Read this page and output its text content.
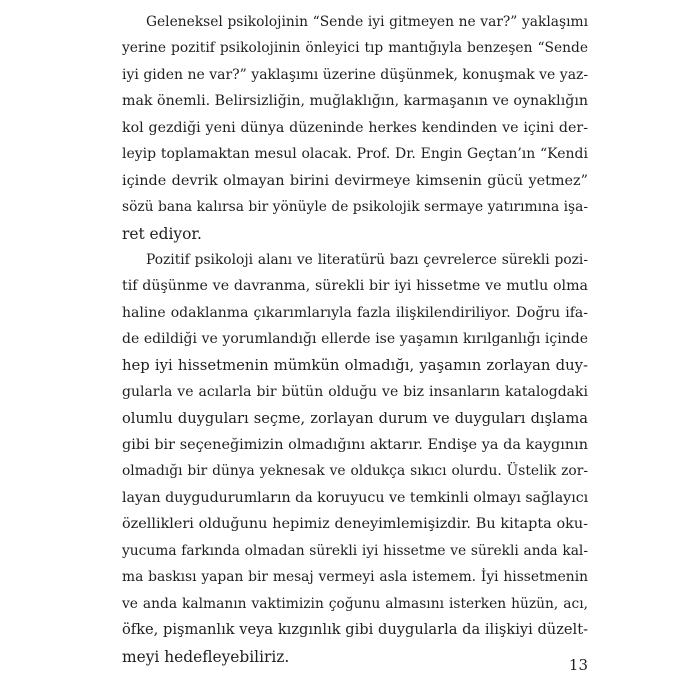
Geleneksel psikolojinin “Sende iyi gitmeyen ne var?” yaklaşımı
yerine pozitif psikolojinin önleyici tıp mantığıyla benzeşen “Sende
iyi giden ne var?” yaklaşımı üzerine düşünmek, konuşmak ve yaz-
mak önemli. Belirsizliğin, muğlaklığın, karmaşanın ve oynaklığın
kol gezdiği yeni dünya düzeninde herkes kendinden ve içini der-
leyip toplamaktan mesul olacak. Prof. Dr. Engin Geçtan’ın “Kendi
içinde devrik olmayan birini devirmeye kimsenin gücü yetmez”
sözü bana kalırsa bir yönüyle de psikolojik sermaye yatırımına işa-
ret ediyor.
Pozitif psikoloji alanı ve literatürü bazı çevrelerce sürekli pozi-
tif düşünme ve davranma, sürekli bir iyi hissetme ve mutlu olma
haline odaklanma çıkarımlarıyla fazla ilişkilendiriliyor. Doğru ifa-
de edildiği ve yorumlandığı ellerde ise yaşamın kırılganlığı içinde
hep iyi hissetmenin mümkün olmadığı, yaşamın zorlayan duy-
gularla ve acılarla bir bütün olduğu ve biz insanların katalogdaki
olumlu duyguları seçme, zorlayan durum ve duyguları dışlama
gibi bir seçeneğimizin olmadığını aktarır. Endişe ya da kaygının
olmadığı bir dünya yeknesak ve oldukça sıkıcı olurdu. Üstelik zor-
layan duygudurumların da koruyucu ve temkinli olmayı sağlayıcı
özellikleri olduğunu hepimiz deneyimlemişizdir. Bu kitapta oku-
yucuma farkında olmadan sürekli iyi hissetme ve sürekli anda kal-
ma baskısı yapan bir mesaj vermeyi asla istemem. İyi hissetmenin
ve anda kalmanın vaktimizin çoğunu almasını isterken hüzün, acı,
öfke, pişmanlık veya kızgınlık gibi duygularla da ilişkiyi düzelt-
meyi hedefleyebiliriz.	13
